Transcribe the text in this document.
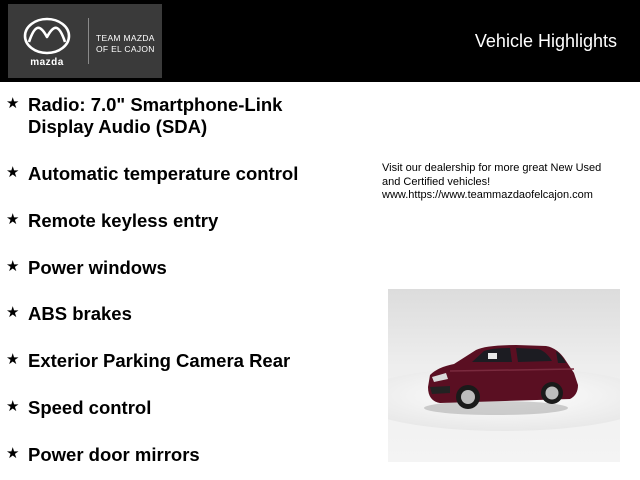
mazda
TEAM MAZDA
OF EL CAJON	Vehicle Highlights
★ Radio: 7.0" Smartphone-Link
Display Audio (SDA)
★ Automatic temperature control
★ Remote keyless entry
★ Power windows
★ ABS brakes
★ Exterior Parking Camera Rear
★ Speed control
★ Power door mirrors
Visit our dealership for more great New Used
and Certified vehicles!
www.https://www.teammazdaofelcajon.com
